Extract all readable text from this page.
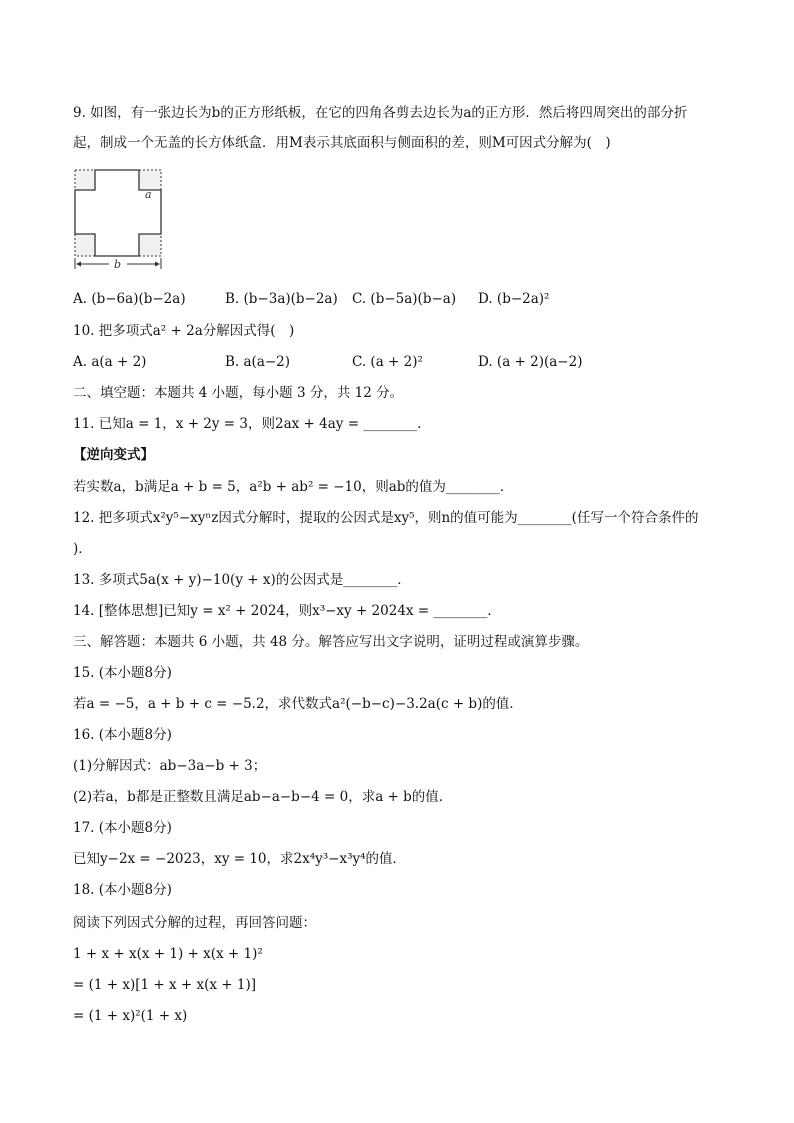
9. 如图，有一张边长为b的正方形纸板，在它的四角各剪去边长为a的正方形．然后将四周突出的部分折
起，制成一个无盖的长方体纸盒．用M表示其底面积与侧面积的差，则M可因式分解为(　)
a
b
A. (b−6a)(b−2a)	B. (b−3a)(b−2a) C. (b−5a)(b−a) D. (b−2a)²
10. 把多项式a² + 2a分解因式得(　)
A. a(a + 2)	B. a(a−2)	C. (a + 2)²	D. (a + 2)(a−2)
二、填空题：本题共 4 小题，每小题 3 分，共 12 分。
11. 已知a = 1，x + 2y = 3，则2ax + 4ay = ________．
【逆向变式】
若实数a，b满足a + b = 5，a²b + ab² = −10，则ab的值为________．
12. 把多项式x²y⁵−xyⁿz因式分解时，提取的公因式是xy⁵，则n的值可能为________(任写一个符合条件的
)．
13. 多项式5a(x + y)−10(y + x)的公因式是________．
14. [整体思想]已知y = x² + 2024，则x³−xy + 2024x = ________．
三、解答题：本题共 6 小题，共 48 分。解答应写出文字说明，证明过程或演算步骤。
15. (本小题8分)
若a = −5，a + b + c = −5.2，求代数式a²(−b−c)−3.2a(c + b)的值．
16. (本小题8分)
(1)分解因式：ab−3a−b + 3；
(2)若a，b都是正整数且满足ab−a−b−4 = 0，求a + b的值．
17. (本小题8分)
已知y−2x = −2023，xy = 10，求2x⁴y³−x³y⁴的值．
18. (本小题8分)
阅读下列因式分解的过程，再回答问题：
1 + x + x(x + 1) + x(x + 1)²
= (1 + x)[1 + x + x(x + 1)]
= (1 + x)²(1 + x)
